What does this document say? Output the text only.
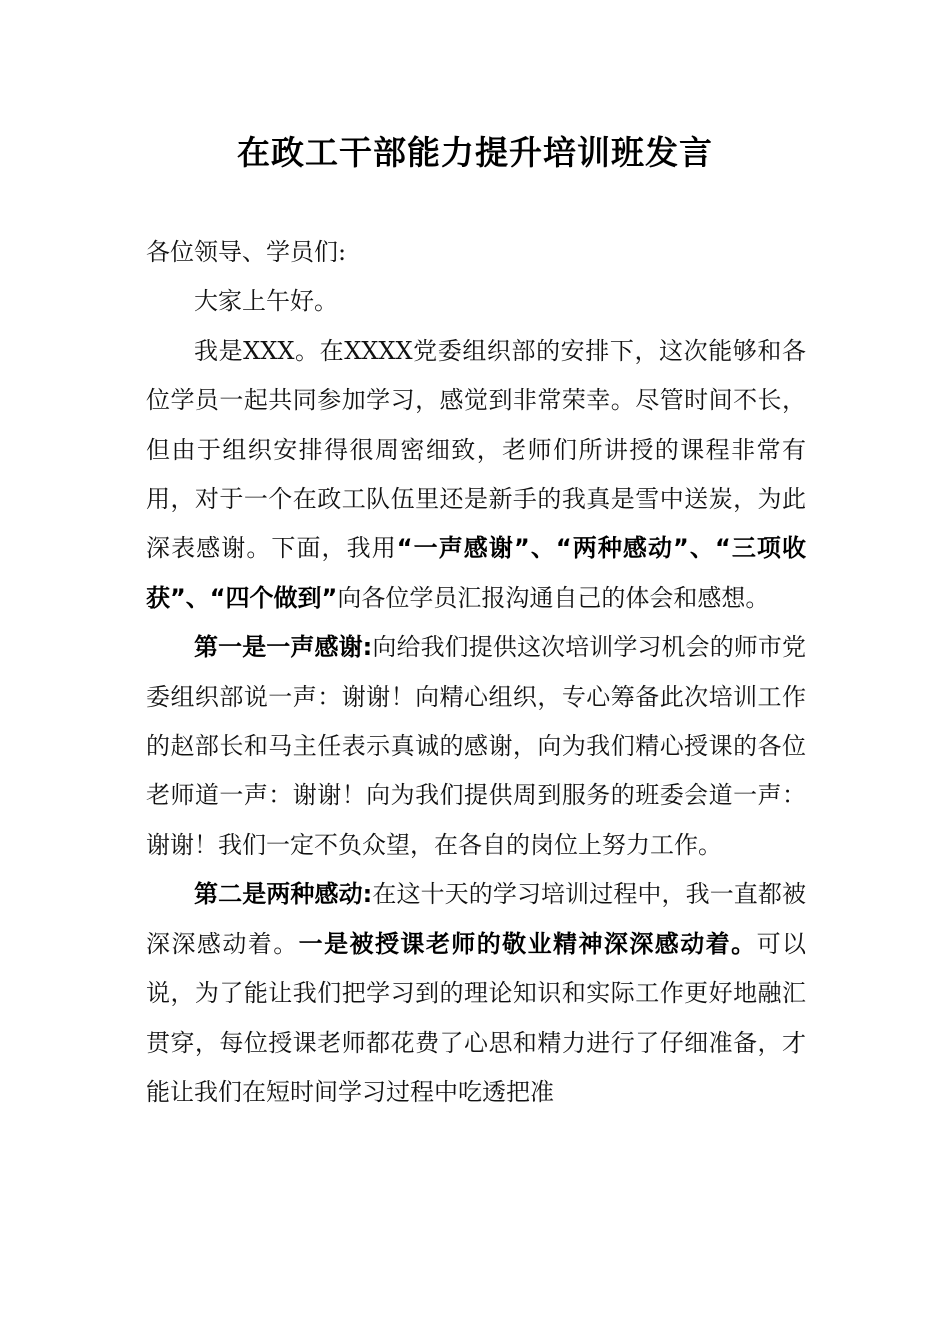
在政工干部能力提升培训班发言

各位领导、学员们:

大家上午好。

我是XXX。在XXXX党委组织部的安排下，这次能够和各位学员一起共同参加学习，感觉到非常荣幸。尽管时间不长，但由于组织安排得很周密细致，老师们所讲授的课程非常有用，对于一个在政工队伍里还是新手的我真是雪中送炭，为此深表感谢。下面，我用“一声感谢”、“两种感动”、“三项收获”、“四个做到”向各位学员汇报沟通自己的体会和感想。

第一是一声感谢:向给我们提供这次培训学习机会的师市党委组织部说一声：谢谢！向精心组织，专心筹备此次培训工作的赵部长和马主任表示真诚的感谢，向为我们精心授课的各位老师道一声：谢谢！向为我们提供周到服务的班委会道一声：谢谢！我们一定不负众望，在各自的岗位上努力工作。

第二是两种感动:在这十天的学习培训过程中，我一直都被深深感动着。一是被授课老师的敬业精神深深感动着。可以说，为了能让我们把学习到的理论知识和实际工作更好地融汇贯穿，每位授课老师都花费了心思和精力进行了仔细准备，才能让我们在短时间学习过程中吃透把准
